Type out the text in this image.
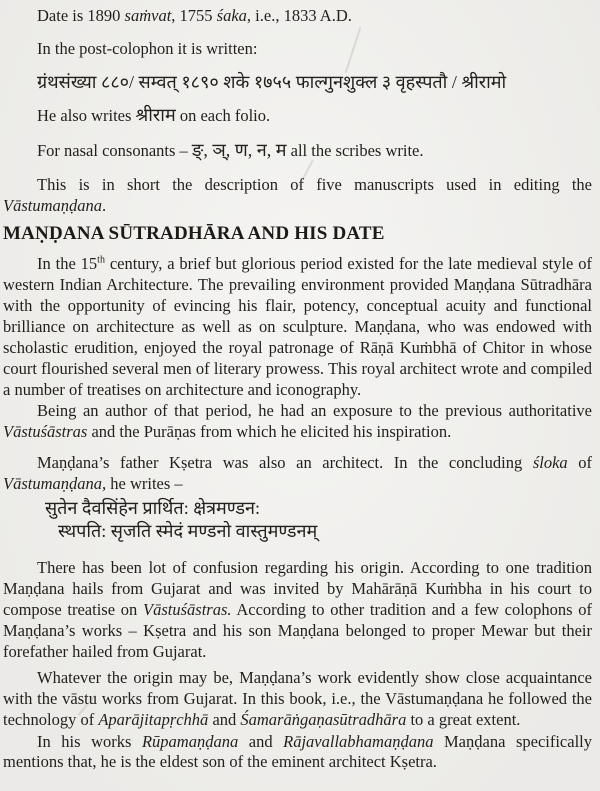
Date is 1890 saṁvat, 1755 śaka, i.e., 1833 A.D.

In the post-colophon it is written:

ग्रंथसंख्या ८८०/ सम्वत् १८९० शके १७५५ फाल्गुनशुक्ल ३ वृहस्पतौ / श्रीरामो

He also writes श्रीराम on each folio.

For nasal consonants – ङ्, ञ्, ण, न, म all the scribes write.

This is in short the description of five manuscripts used in editing the Vāstumaṇḍana.

MAṆḌANA SŪTRADHĀRA AND HIS DATE

In the 15th century, a brief but glorious period existed for the late medieval style of western Indian Architecture. The prevailing environment provided Maṇḍana Sūtradhāra with the opportunity of evincing his flair, potency, conceptual acuity and functional brilliance on architecture as well as on sculpture. Maṇḍana, who was endowed with scholastic erudition, enjoyed the royal patronage of Rāṇā Kuṁbhā of Chitor in whose court flourished several men of literary prowess. This royal architect wrote and compiled a number of treatises on architecture and iconography.

Being an author of that period, he had an exposure to the previous authoritative Vāstuśāstras and the Purāṇas from which he elicited his inspiration.

Maṇḍana’s father Kṣetra was also an architect. In the concluding śloka of Vāstumaṇḍana, he writes –

सुतेन दैवसिंहेन प्रार्थित: क्षेत्रमण्डन:

स्थपति: सृजति स्मेदं मण्डनो वास्तुमण्डनम्

There has been lot of confusion regarding his origin. According to one tradition Maṇḍana hails from Gujarat and was invited by Mahārāṇā Kuṁbha in his court to compose treatise on Vāstuśāstras. According to other tradition and a few colophons of Maṇḍana’s works – Kṣetra and his son Maṇḍana belonged to proper Mewar but their forefather hailed from Gujarat.

Whatever the origin may be, Maṇḍana’s work evidently show close acquaintance with the vāstu works from Gujarat. In this book, i.e., the Vāstumaṇḍana he followed the technology of Aparājitapṛchhā and Śamarāṅgaṇasūtradhāra to a great extent.

In his works Rūpamaṇḍana and Rājavallabhamaṇḍana Maṇḍana specifically mentions that, he is the eldest son of the eminent architect Kṣetra.
